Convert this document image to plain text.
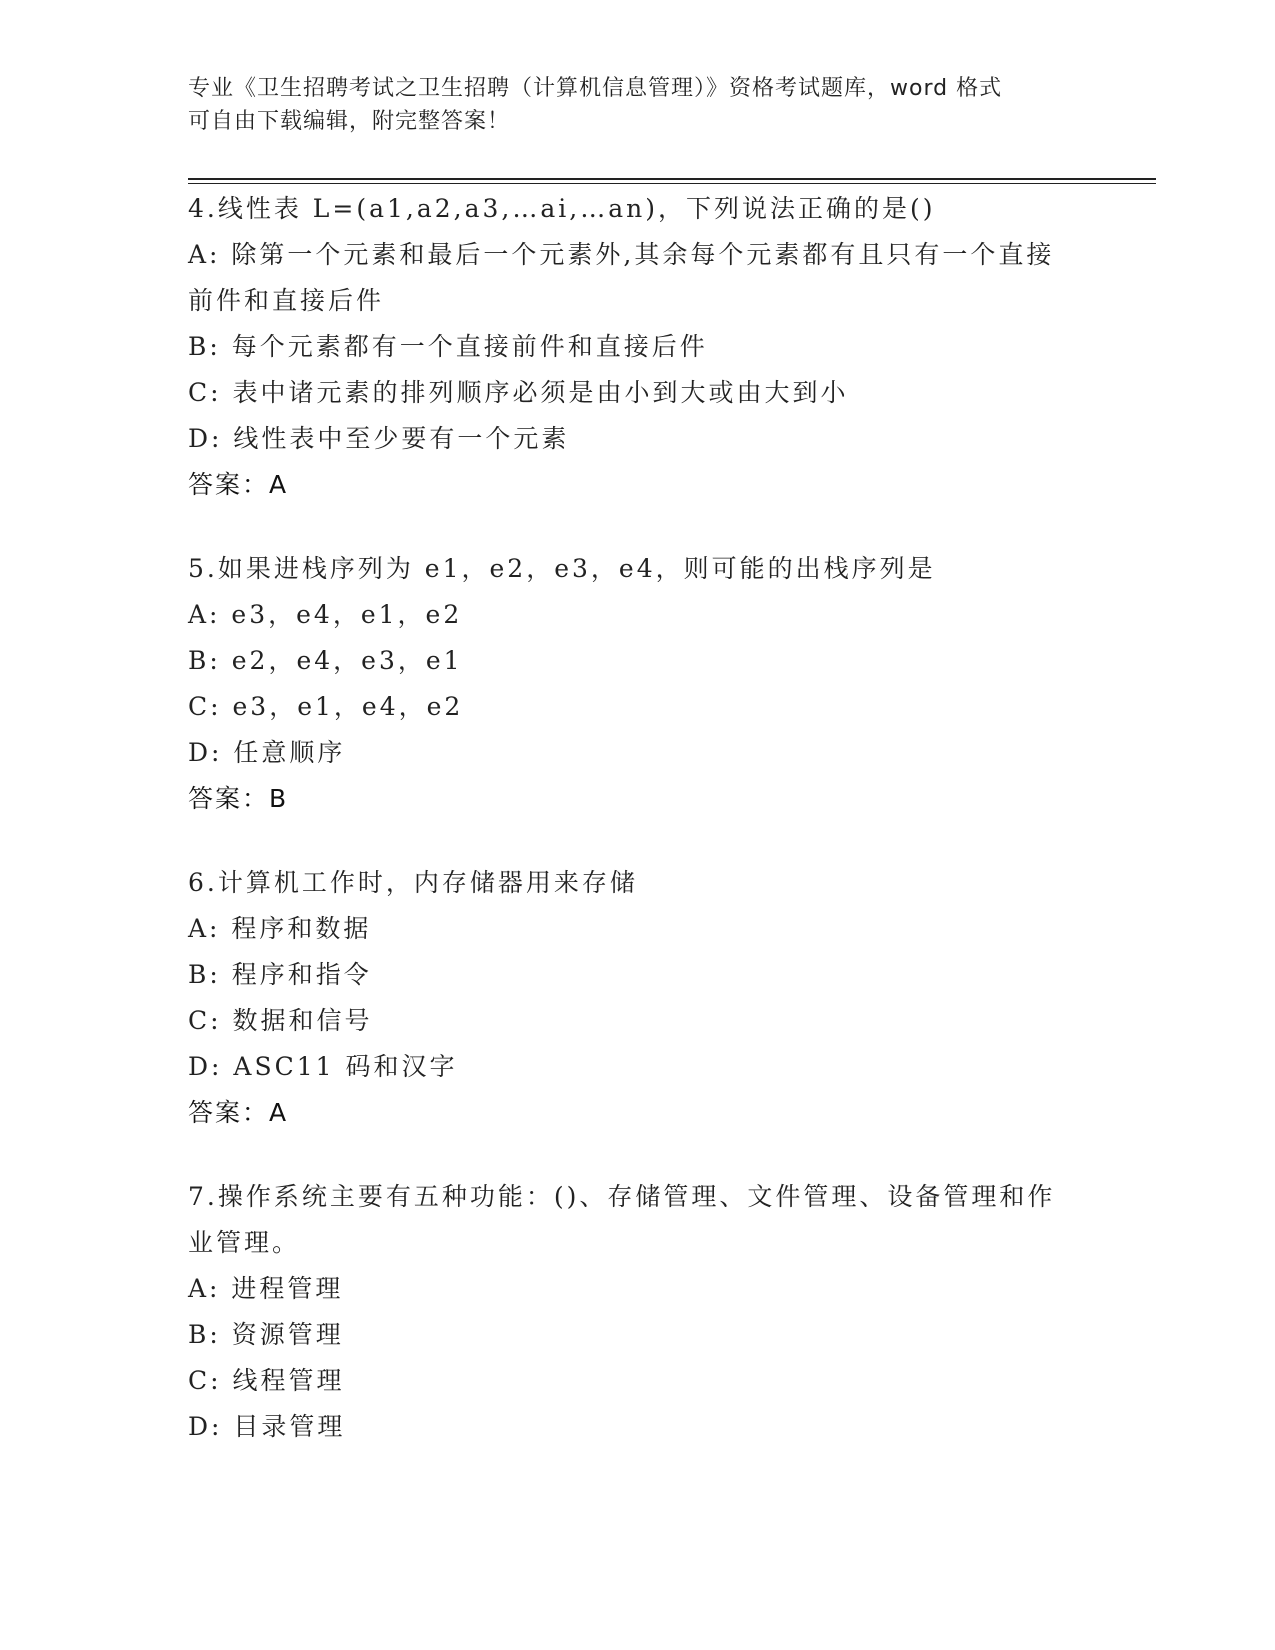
专业《卫生招聘考试之卫生招聘（计算机信息管理）》资格考试题库，word 格式
可自由下载编辑，附完整答案！
4.线性表 L=(a1,a2,a3,…ai,…an)，下列说法正确的是()
A: 除第一个元素和最后一个元素外,其余每个元素都有且只有一个直接前件和直接后件
B: 每个元素都有一个直接前件和直接后件
C: 表中诸元素的排列顺序必须是由小到大或由大到小
D: 线性表中至少要有一个元素
答案：A
5.如果进栈序列为 e1，e2，e3，e4，则可能的出栈序列是
A: e3，e4，e1，e2
B: e2，e4，e3，e1
C: e3，e1，e4，e2
D: 任意顺序
答案：B
6.计算机工作时，内存储器用来存储
A: 程序和数据
B: 程序和指令
C: 数据和信号
D: ASC11 码和汉字
答案：A
7.操作系统主要有五种功能：()、存储管理、文件管理、设备管理和作业管理。
A: 进程管理
B: 资源管理
C: 线程管理
D: 目录管理
